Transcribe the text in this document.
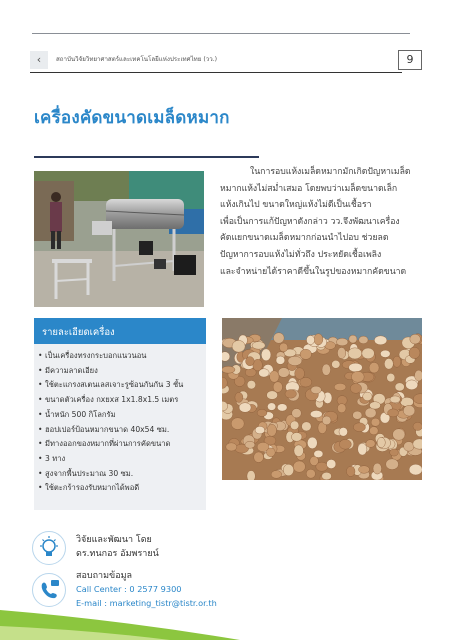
‹	สถาบันวิจัยวิทยาศาสตร์และเทคโนโลยีแห่งประเทศไทย (วว.)	9
เครื่องคัดขนาดเมล็ดหมาก
ในการอบแห้งเมล็ดหมากมักเกิดปัญหาเมล็ด
หมากแห้งไม่สม่ำเสมอ โดยพบว่าเมล็ดขนาดเล็ก
แห้งเกินไป ขนาดใหญ่แห้งไม่ดีเป็นเชื้อรา
เพื่อเป็นการแก้ปัญหาดังกล่าว วว.จึงพัฒนาเครื่อง
คัดแยกขนาดเมล็ดหมากก่อนนำไปอบ ช่วยลด
ปัญหาการอบแห้งไม่ทั่วถึง ประหยัดเชื้อเพลิง
และจำหน่ายได้ราคาดีขึ้นในรูปของหมากคัดขนาด
รายละเอียดเครื่อง
• เป็นเครื่องทรงกระบอกแนวนอน
• มีความลาดเอียง
• ใช้ตะแกรงสเตนเลสเจาะรูซ้อนกันกัน 3 ชั้น
• ขนาดตัวเครื่อง กxยxส 1x1.8x1.5 เมตร
• น้ำหนัก 500 กิโลกรัม
• ฮอปเปอร์ป้อนหมากขนาด 40x54 ซม.
• มีทางออกของหมากที่ผ่านการคัดขนาด
• 3 ทาง
• สูงจากพื้นประมาณ 30 ซม.
• ใช้ตะกร้ารองรับหมากได้พอดี
วิจัยและพัฒนา โดย
ดร.ทนกอร อัมพรายน์
สอบถามข้อมูล
Call Center : 0 2577 9300
E-mail : marketing_tistr@tistr.or.th
